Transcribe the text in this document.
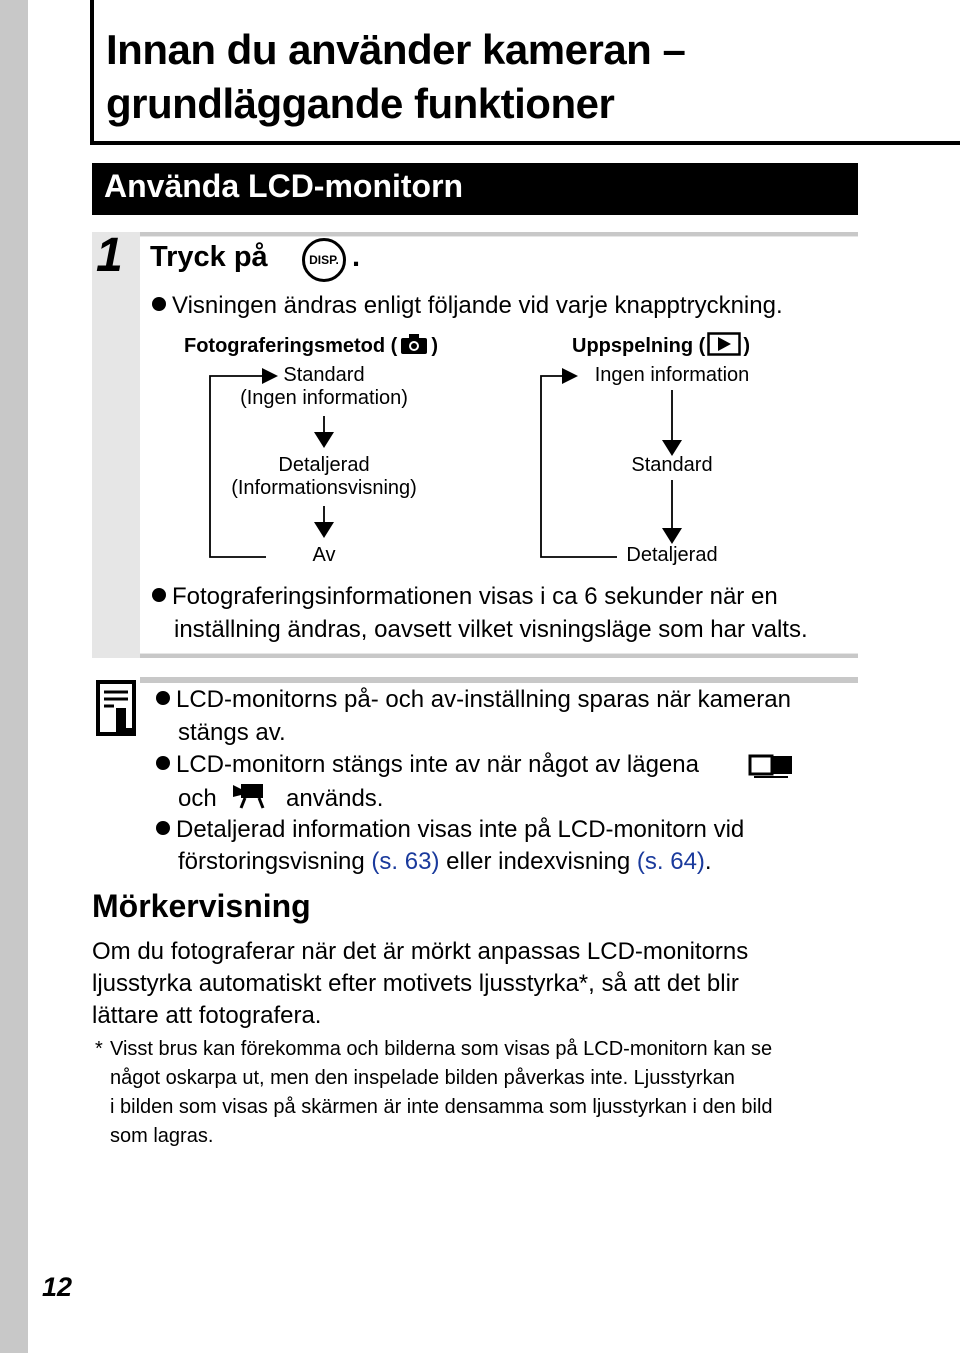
Innan du använder kameran –
grundläggande funktioner
Använda LCD-monitorn
1 Tryck på	DISP. .
Visningen ändras enligt följande vid varje knapptryckning.
Fotograferingsmetod ( )	Uppspelning ( )
Standard
(Ingen information)
Detaljerad
(Informationsvisning)
Av
Ingen information
Standard
Detaljerad
Fotograferingsinformationen visas i ca 6 sekunder när en
inställning ändras, oavsett vilket visningsläge som har valts.
LCD-monitorns på- och av-inställning sparas när kameran
stängs av.
LCD-monitorn stängs inte av när något av lägena
och	används.
Detaljerad information visas inte på LCD-monitorn vid
förstoringsvisning (s. 63) eller indexvisning (s. 64).
Mörkervisning
Om du fotograferar när det är mörkt anpassas LCD-monitorns
ljusstyrka automatiskt efter motivets ljusstyrka*, så att det blir
lättare att fotografera.
* Visst brus kan förekomma och bilderna som visas på LCD-monitorn kan se
något oskarpa ut, men den inspelade bilden påverkas inte. Ljusstyrkan
i bilden som visas på skärmen är inte densamma som ljusstyrkan i den bild
som lagras.
12
